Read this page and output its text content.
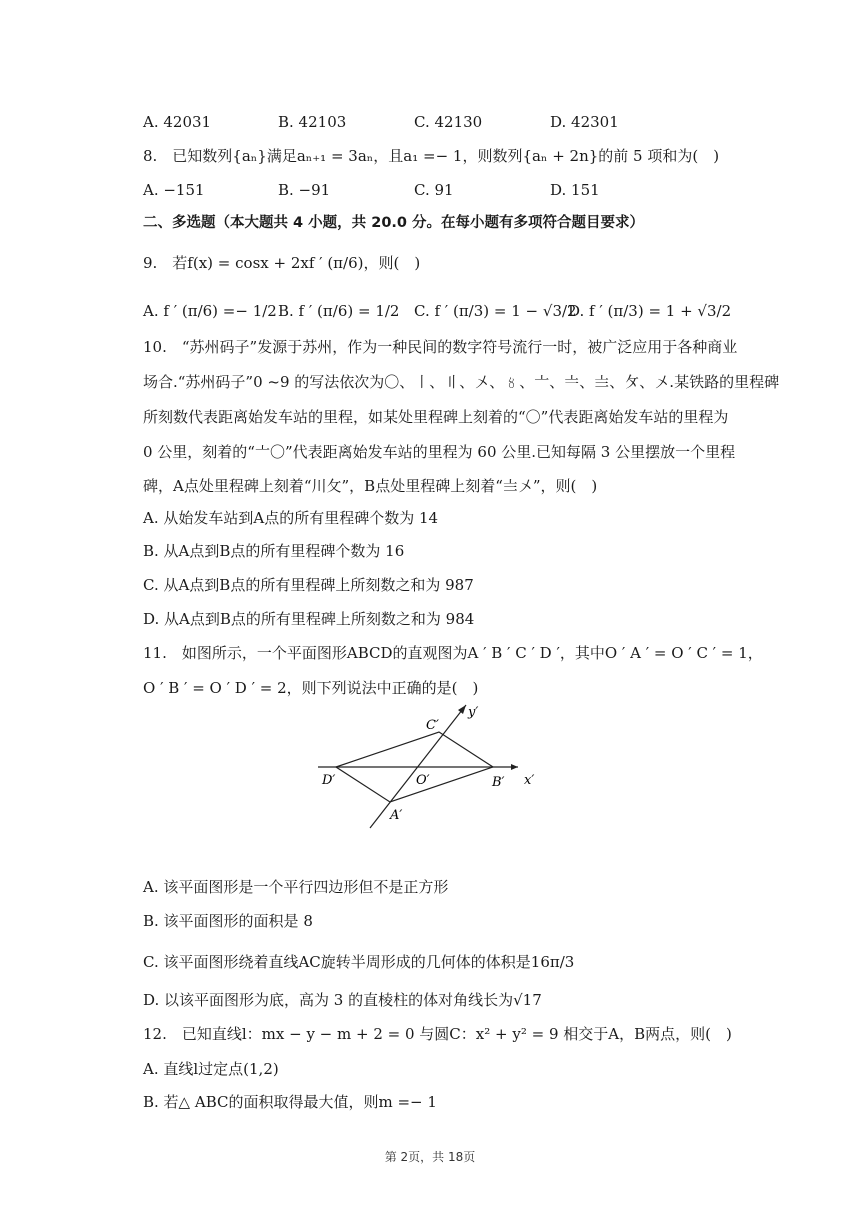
A. 42031	B. 42103	C. 42130	D. 42301
8.　已知数列{aₙ}满足aₙ₊₁ = 3aₙ，且a₁ =− 1，则数列{aₙ + 2n}的前 5 项和为(　)
A. −151	B. −91	C. 91	D. 151
二、多选题（本大题共 4 小题，共 20.0 分。在每小题有多项符合题目要求）
9.　若f(x) = cosx + 2xf ′ (π/6)，则(　)
A. f ′ (π/6) =− 1/2 B. f ′ (π/6) = 1/2 C. f ′ (π/3) = 1 − √3/2
D. f ′ (π/3) = 1 + √3/2
10.　“苏州码子”发源于苏州，作为一种民间的数字符号流行一时，被广泛应用于各种商业
场合.“苏州码子”0 ~9 的写法依次为〇、〡、〢、〤、〥、〦、〧、〨、〩、〤.某铁路的里程碑
所刻数代表距离始发车站的里程，如某处里程碑上刻着的“〇”代表距离始发车站的里程为
0 公里，刻着的“〦〇”代表距离始发车站的里程为 60 公里.已知每隔 3 公里摆放一个里程
碑，A点处里程碑上刻着“川攵”，B点处里程碑上刻着“〨〤”，则(　)
A. 从始发车站到A点的所有里程碑个数为 14
B. 从A点到B点的所有里程碑个数为 16
C. 从A点到B点的所有里程碑上所刻数之和为 987
D. 从A点到B点的所有里程碑上所刻数之和为 984
11.　如图所示，一个平面图形ABCD的直观图为A ′ B ′ C ′ D ′，其中O ′ A ′ = O ′ C ′ = 1，
O ′ B ′ = O ′ D ′ = 2，则下列说法中正确的是(　)
D′	O′	B′ x′
C′
y′
A′
A. 该平面图形是一个平行四边形但不是正方形
B. 该平面图形的面积是 8
C. 该平面图形绕着直线AC旋转半周形成的几何体的体积是16π/3
D. 以该平面图形为底，高为 3 的直棱柱的体对角线长为√17
12.　已知直线l：mx − y − m + 2 = 0 与圆C：x² + y² = 9 相交于A，B两点，则(　)
A. 直线l过定点(1,2)
B. 若△ ABC的面积取得最大值，则m =− 1
第 2页，共 18页
